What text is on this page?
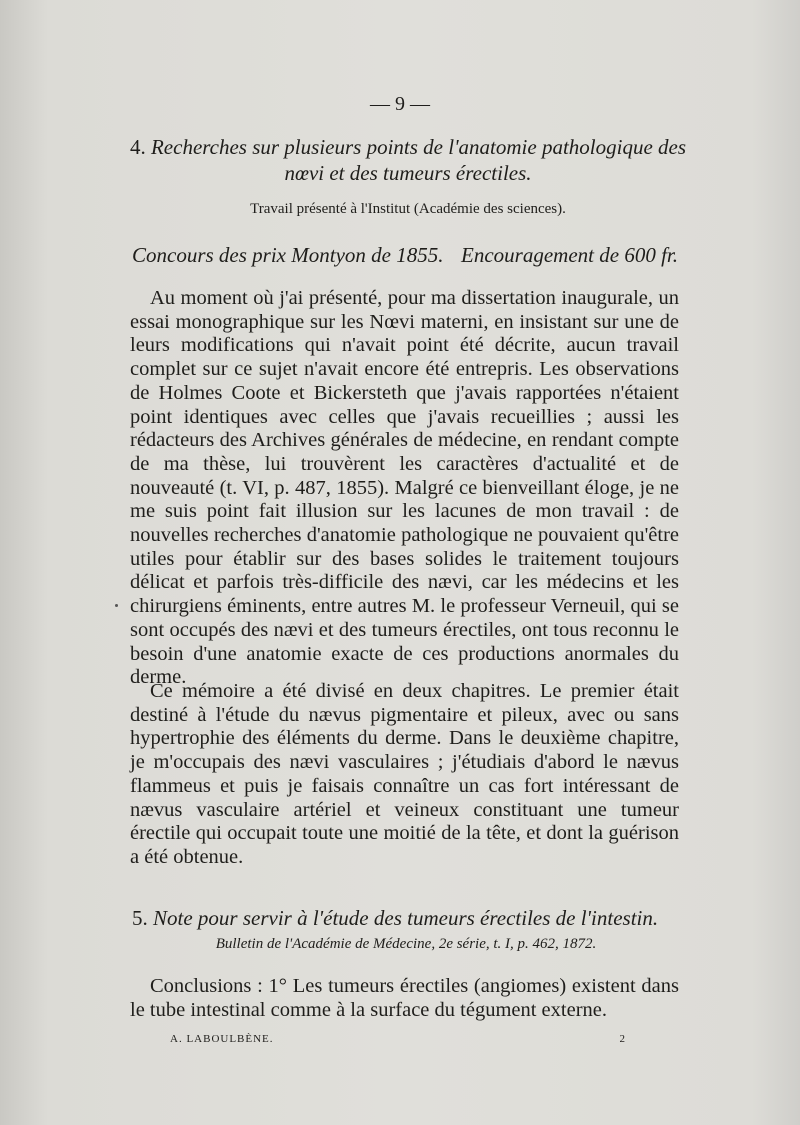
— 9 —
4. Recherches sur plusieurs points de l'anatomie pathologique des nœvi et des tumeurs érectiles.
Travail présenté à l'Institut (Académie des sciences).
Concours des prix Montyon de 1855. Encouragement de 600 fr.
Au moment où j'ai présenté, pour ma dissertation inaugurale, un essai monographique sur les Nœvi materni, en insistant sur une de leurs modifications qui n'avait point été décrite, aucun travail complet sur ce sujet n'avait encore été entrepris. Les observations de Holmes Coote et Bickersteth que j'avais rapportées n'étaient point identiques avec celles que j'avais recueillies ; aussi les rédacteurs des Archives générales de médecine, en rendant compte de ma thèse, lui trouvèrent les caractères d'actualité et de nouveauté (t. VI, p. 487, 1855). Malgré ce bienveillant éloge, je ne me suis point fait illusion sur les lacunes de mon travail : de nouvelles recherches d'anatomie pathologique ne pouvaient qu'être utiles pour établir sur des bases solides le traitement toujours délicat et parfois très-difficile des nævi, car les médecins et les chirurgiens éminents, entre autres M. le professeur Verneuil, qui se sont occupés des nævi et des tumeurs érectiles, ont tous reconnu le besoin d'une anatomie exacte de ces productions anormales du derme.
Ce mémoire a été divisé en deux chapitres. Le premier était destiné à l'étude du nævus pigmentaire et pileux, avec ou sans hypertrophie des éléments du derme. Dans le deuxième chapitre, je m'occupais des nævi vasculaires ; j'étudiais d'abord le nævus flammeus et puis je faisais connaître un cas fort intéressant de nævus vasculaire artériel et veineux constituant une tumeur érectile qui occupait toute une moitié de la tête, et dont la guérison a été obtenue.
5. Note pour servir à l'étude des tumeurs érectiles de l'intestin.
Bulletin de l'Académie de Médecine, 2e série, t. I, p. 462, 1872.
Conclusions : 1° Les tumeurs érectiles (angiomes) existent dans le tube intestinal comme à la surface du tégument externe.
A. LABOULBÈNE.	2
